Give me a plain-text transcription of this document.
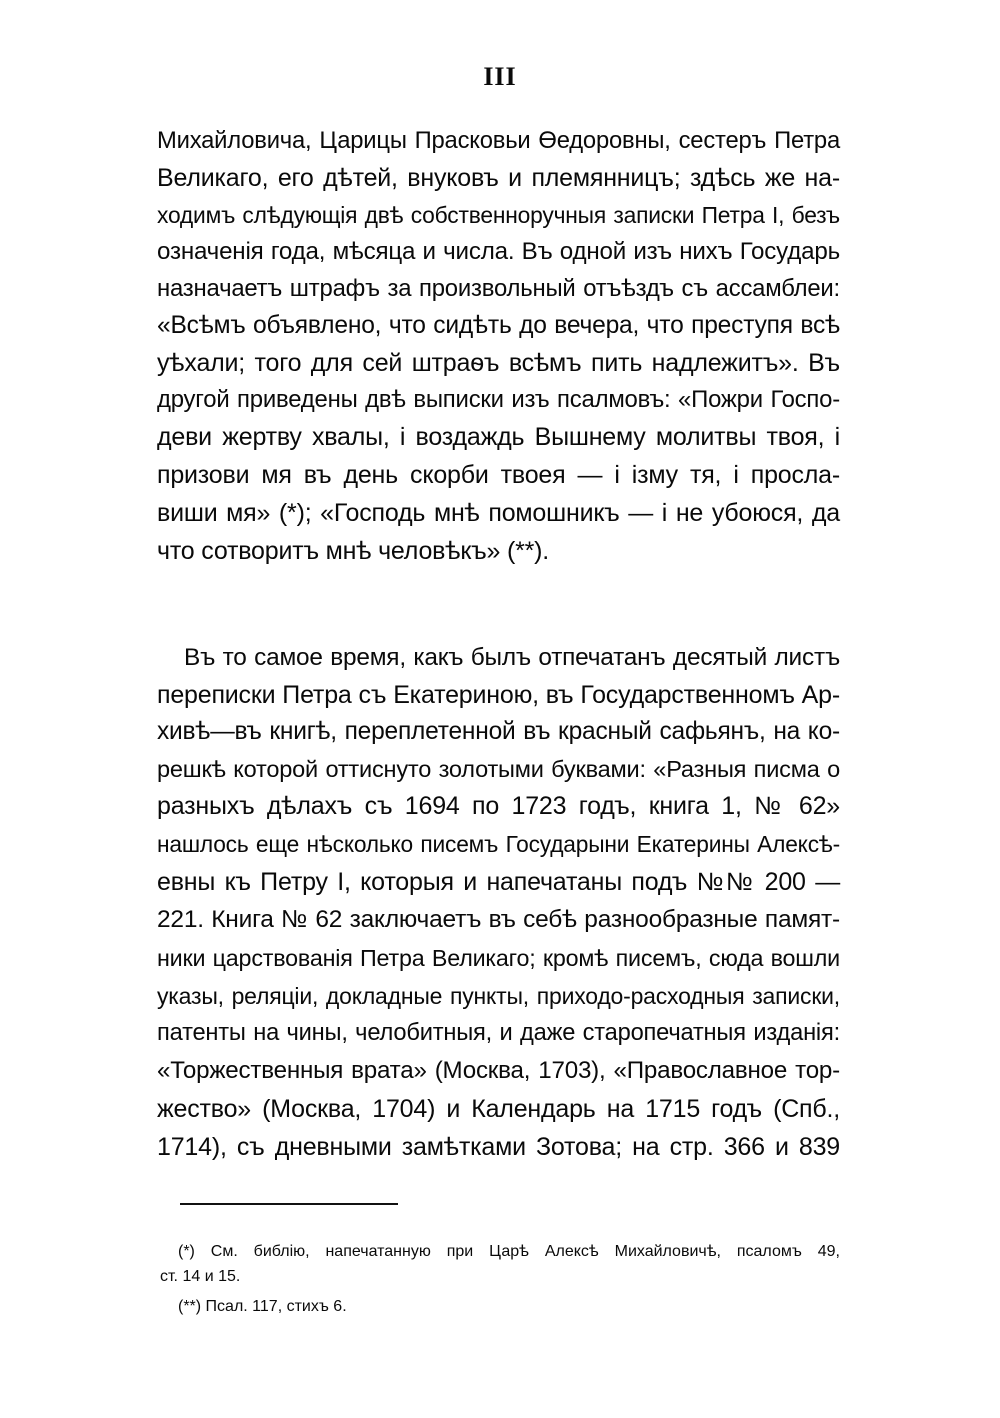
III
Михайловича, Царицы Прасковьи Өедоровны, сестеръ Петра
Великаго, его дѣтей, внуковъ и племянницъ; здѣсь же на-
ходимъ слѣдующія двѣ собственноручныя записки Петра I, безъ
означенія года, мѣсяца и числа. Въ одной изъ нихъ Государь
назначаетъ штрафъ за произвольный отъѣздъ съ ассамблеи:
«Всѣмъ объявлено, что сидѣть до вечера, что преступя всѣ
уѣхали; того для сей штраѳъ всѣмъ пить надлежитъ». Въ
другой приведены двѣ выписки изъ псалмовъ: «Пожри Госпо-
деви жертву хвалы, і воздаждь Вышнему молитвы твоя, і
призови мя въ день скорби твоея — і ізму тя, і просла-
виши мя» (*); «Господь мнѣ помошникъ — і не убоюся, да
что сотворитъ мнѣ человѣкъ» (**).
Въ то самое время, какъ былъ отпечатанъ десятый листъ
переписки Петра съ Екатериною, въ Государственномъ Ар-
хивѣ—въ книгѣ, переплетенной въ красный сафьянъ, на ко-
решкѣ которой оттиснуто золотыми буквами: «Разныя писма о
разныхъ дѣлахъ съ 1694 по 1723 годъ, книга 1, № 62»
нашлось еще нѣсколько писемъ Государыни Екатерины Алексѣ-
евны къ Петру I, которыя и напечатаны подъ №№ 200 —
221. Книга № 62 заключаетъ въ себѣ разнообразные памят-
ники царствованія Петра Великаго; кромѣ писемъ, сюда вошли
указы, реляціи, докладные пункты, приходо-расходныя записки,
патенты на чины, челобитныя, и даже старопечатныя изданія:
«Торжественныя врата» (Москва, 1703), «Православное тор-
жество» (Москва, 1704) и Календарь на 1715 годъ (Спб.,
1714), съ дневными замѣтками Зотова; на стр. 366 и 839
(*) См. библію, напечатанную при Царѣ Алексѣ Михайловичѣ, псаломъ 49,
ст. 14 и 15.
(**) Псал. 117, стихъ 6.
